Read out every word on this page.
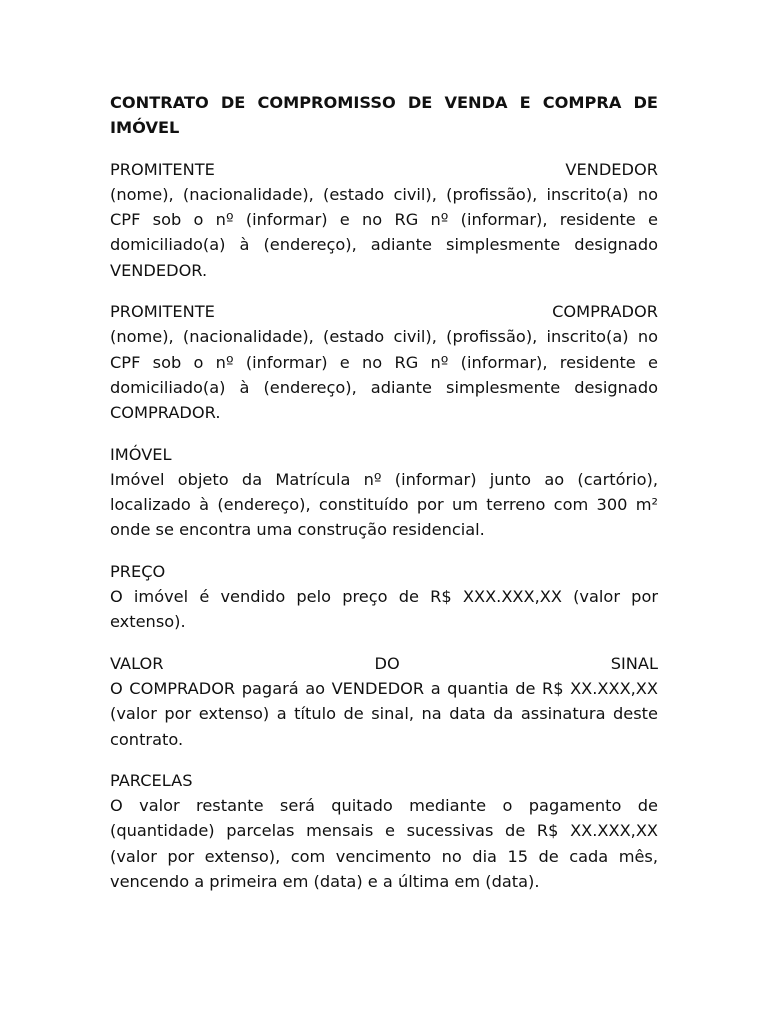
CONTRATO DE COMPROMISSO DE VENDA E COMPRA DE IMÓVEL

PROMITENTE VENDEDOR

(nome), (nacionalidade), (estado civil), (profissão), inscrito(a) no CPF sob o nº (informar) e no RG nº (informar), residente e domiciliado(a) à (endereço), adiante simplesmente designado VENDEDOR.

PROMITENTE COMPRADOR

(nome), (nacionalidade), (estado civil), (profissão), inscrito(a) no CPF sob o nº (informar) e no RG nº (informar), residente e domiciliado(a) à (endereço), adiante simplesmente designado COMPRADOR.

IMÓVEL

Imóvel objeto da Matrícula nº (informar) junto ao (cartório), localizado à (endereço), constituído por um terreno com 300 m² onde se encontra uma construção residencial.

PREÇO

O imóvel é vendido pelo preço de R$ XXX.XXX,XX (valor por extenso).

VALOR DO SINAL

O COMPRADOR pagará ao VENDEDOR a quantia de R$ XX.XXX,XX (valor por extenso) a título de sinal, na data da assinatura deste contrato.

PARCELAS

O valor restante será quitado mediante o pagamento de (quantidade) parcelas mensais e sucessivas de R$ XX.XXX,XX (valor por extenso), com vencimento no dia 15 de cada mês, vencendo a primeira em (data) e a última em (data).
